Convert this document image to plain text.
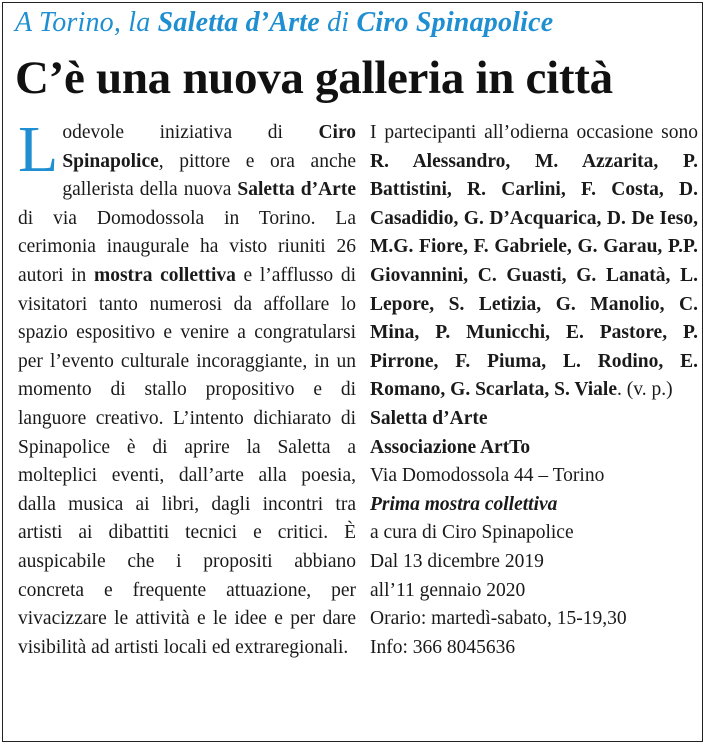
A Torino, la Saletta d’Arte di Ciro Spinapolice
C’è una nuova galleria in città

Lodevole iniziativa di Ciro Spinapolice, pittore e ora anche gallerista della nuova Saletta d’Arte di via Domodossola in Torino. La cerimonia inaugurale ha visto riuniti 26 autori in mostra collettiva e l’afflusso di visitatori tanto numerosi da affollare lo spazio espositivo e venire a congratularsi per l’evento culturale incoraggiante, in un momento di stallo propositivo e di languore creativo. L’intento dichiarato di Spinapolice è di aprire la Saletta a molteplici eventi, dall’arte alla poesia, dalla musica ai libri, dagli incontri tra artisti ai dibattiti tecnici e critici. È auspicabile che i propositi abbiano concreta e frequente attuazione, per vivacizzare le attività e le idee e per dare visibilità ad artisti locali ed extraregionali.

I partecipanti all’odierna occasione sono R. Alessandro, M. Azzarita, P. Battistini, R. Carlini, F. Costa, D. Casadidio, G. D’Acquarica, D. De Ieso, M.G. Fiore, F. Gabriele, G. Garau, P.P. Giovannini, C. Guasti, G. Lanatà, L. Lepore, S. Letizia, G. Manolio, C. Mina, P. Municchi, E. Pastore, P. Pirrone, F. Piuma, L. Rodino, E. Romano, G. Scarlata, S. Viale. (v. p.)

Saletta d’Arte

Associazione ArtTo

Via Domodossola 44 – Torino

Prima mostra collettiva

a cura di Ciro Spinapolice

Dal 13 dicembre 2019

all’11 gennaio 2020

Orario: martedì-sabato, 15-19,30

Info: 366 8045636
